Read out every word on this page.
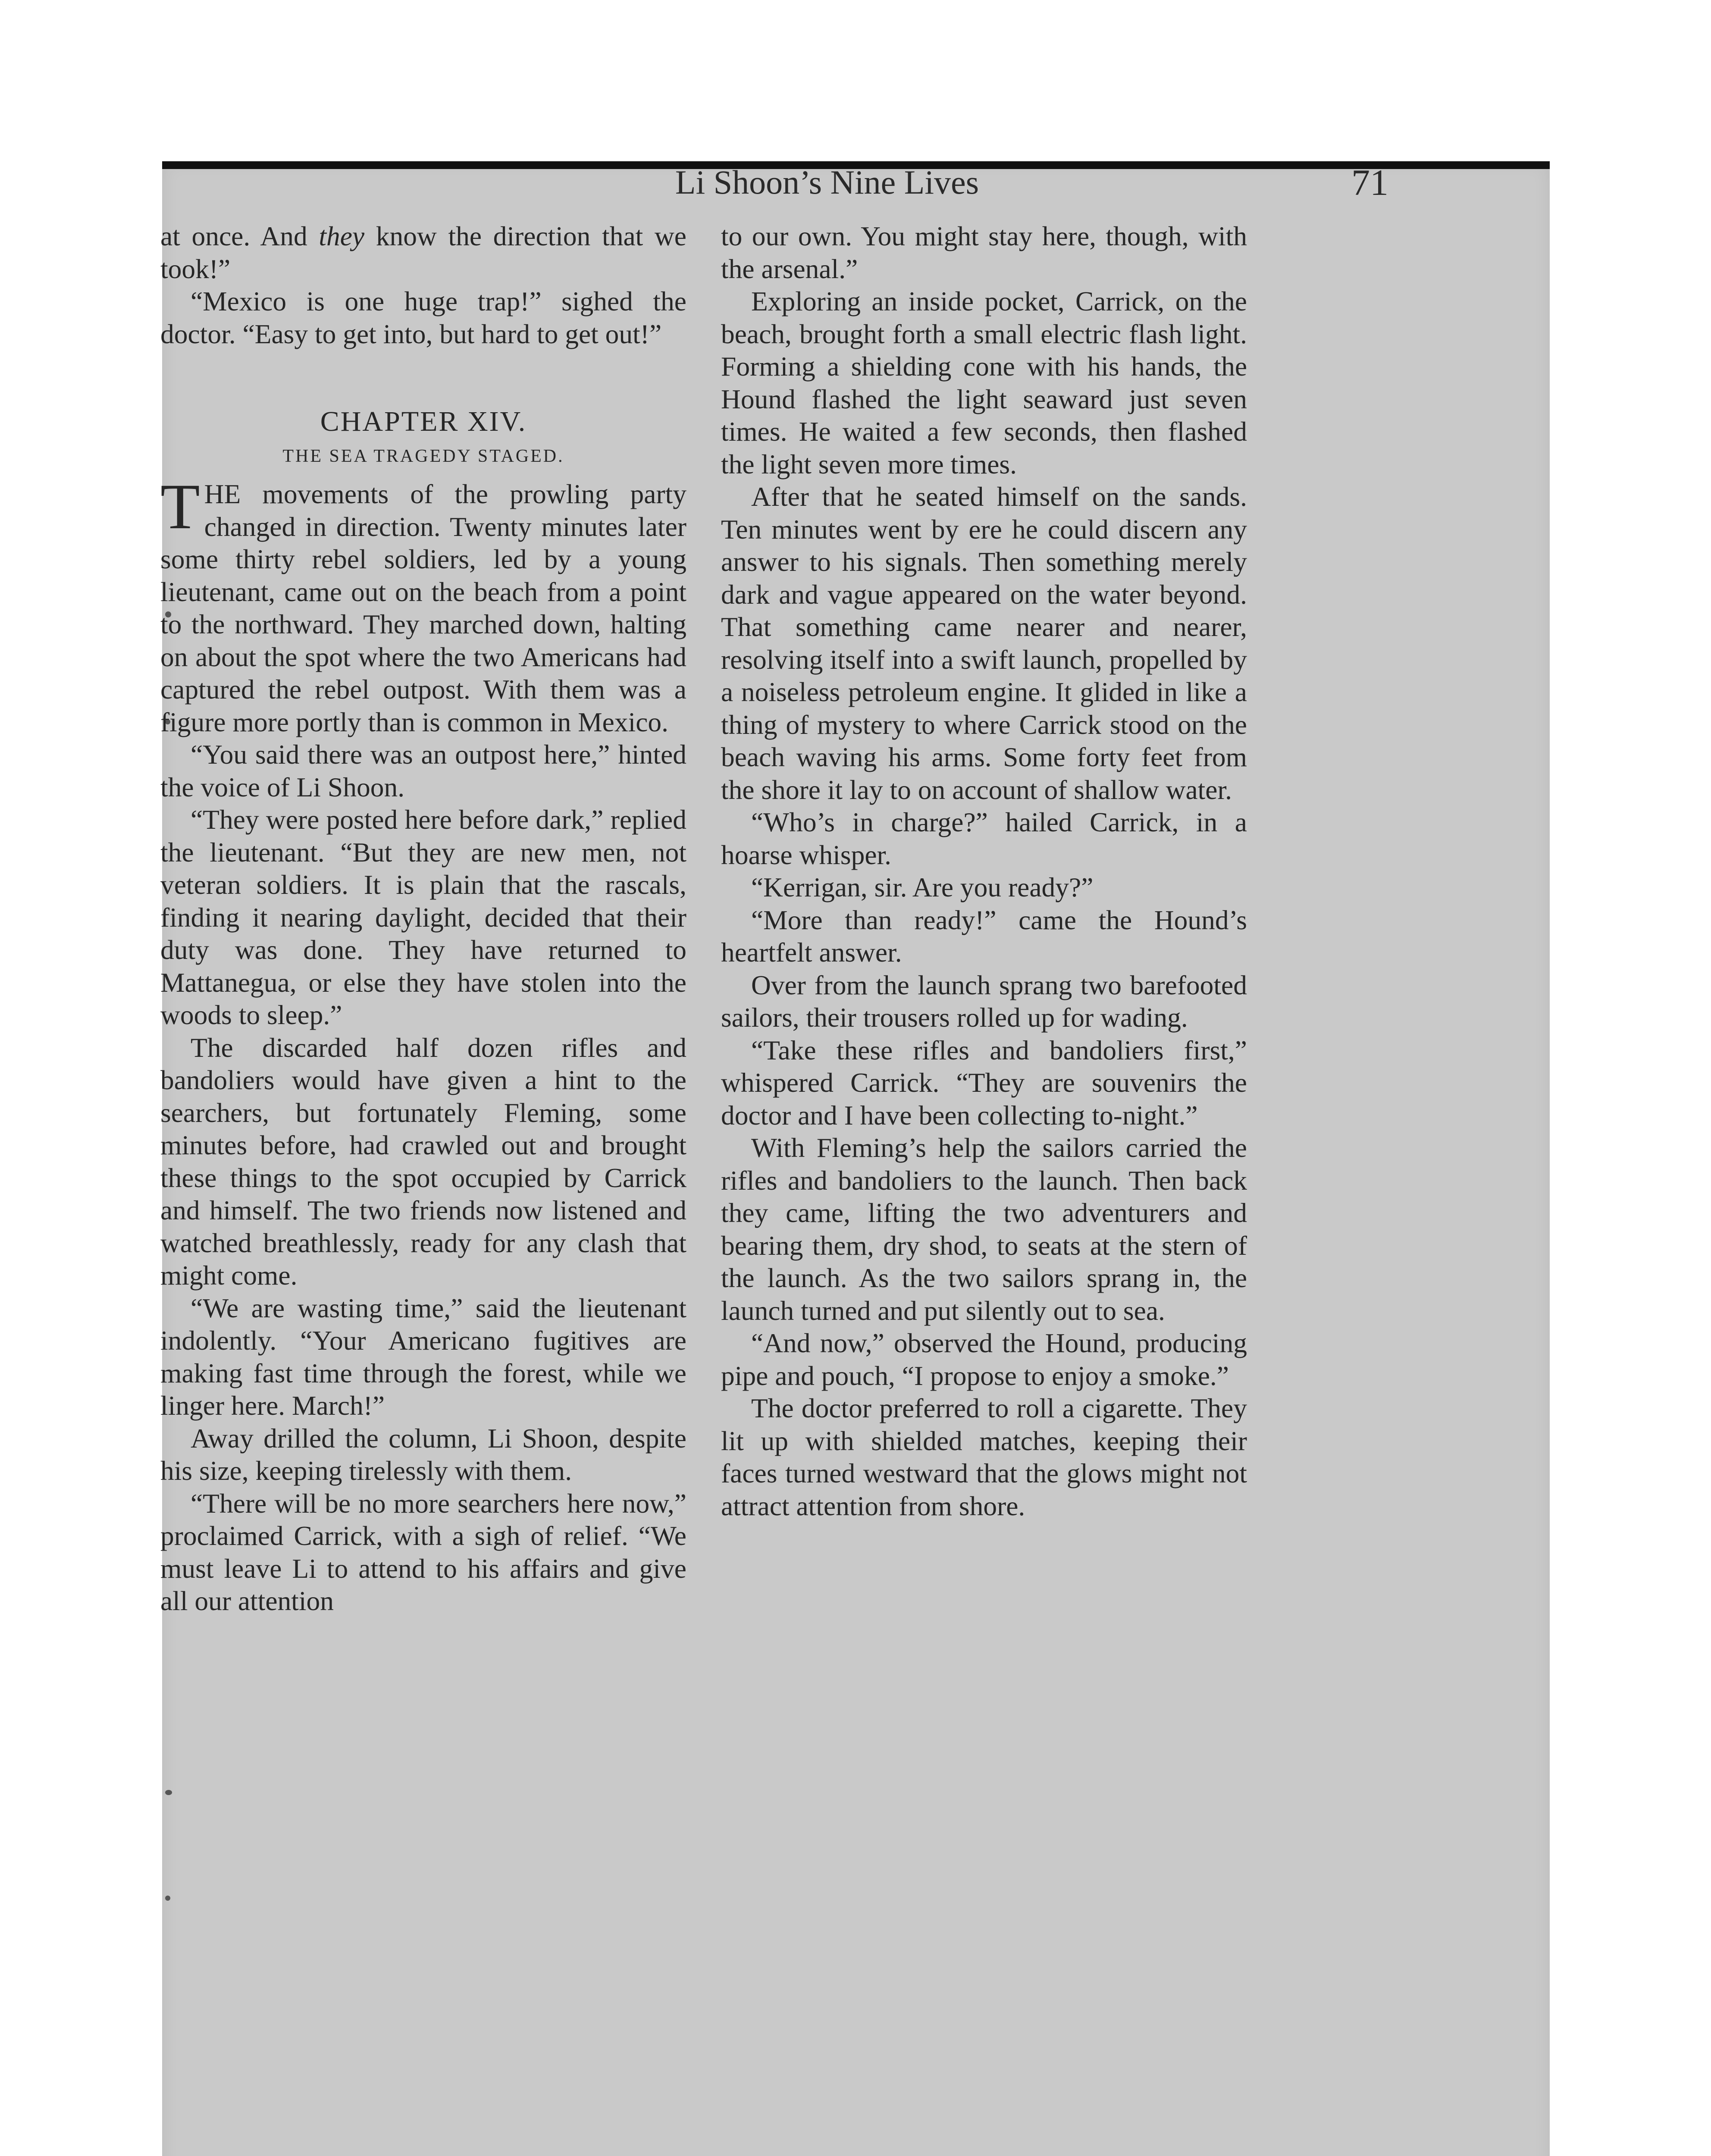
Li Shoon’s Nine Lives	71

at once. And they know the direction that we took!”

“Mexico is one huge trap!” sighed the doctor. “Easy to get into, but hard to get out!”

CHAPTER XIV.
THE SEA TRAGEDY STAGED.

THE movements of the prowling party changed in direction. Twenty minutes later some thirty rebel soldiers, led by a young lieutenant, came out on the beach from a point to the northward. They marched down, halting on about the spot where the two Americans had captured the rebel outpost. With them was a figure more portly than is common in Mexico.

“You said there was an outpost here,” hinted the voice of Li Shoon.

“They were posted here before dark,” replied the lieutenant. “But they are new men, not veteran soldiers. It is plain that the rascals, finding it nearing daylight, decided that their duty was done. They have returned to Mattanegua, or else they have stolen into the woods to sleep.”

The discarded half dozen rifles and bandoliers would have given a hint to the searchers, but fortunately Fleming, some minutes before, had crawled out and brought these things to the spot occupied by Carrick and himself. The two friends now listened and watched breathlessly, ready for any clash that might come.

“We are wasting time,” said the lieutenant indolently. “Your Americano fugitives are making fast time through the forest, while we linger here. March!”

Away drilled the column, Li Shoon, despite his size, keeping tirelessly with them.

“There will be no more searchers here now,” proclaimed Carrick, with a sigh of relief. “We must leave Li to attend to his affairs and give all our attention

to our own. You might stay here, though, with the arsenal.”

Exploring an inside pocket, Carrick, on the beach, brought forth a small electric flash light. Forming a shielding cone with his hands, the Hound flashed the light seaward just seven times. He waited a few seconds, then flashed the light seven more times.

After that he seated himself on the sands. Ten minutes went by ere he could discern any answer to his signals. Then something merely dark and vague appeared on the water beyond. That something came nearer and nearer, resolving itself into a swift launch, propelled by a noiseless petroleum engine. It glided in like a thing of mystery to where Carrick stood on the beach waving his arms. Some forty feet from the shore it lay to on account of shallow water.

“Who’s in charge?” hailed Carrick, in a hoarse whisper.

“Kerrigan, sir. Are you ready?”

“More than ready!” came the Hound’s heartfelt answer.

Over from the launch sprang two barefooted sailors, their trousers rolled up for wading.

“Take these rifles and bandoliers first,” whispered Carrick. “They are souvenirs the doctor and I have been collecting to-night.”

With Fleming’s help the sailors carried the rifles and bandoliers to the launch. Then back they came, lifting the two adventurers and bearing them, dry shod, to seats at the stern of the launch. As the two sailors sprang in, the launch turned and put silently out to sea.

“And now,” observed the Hound, producing pipe and pouch, “I propose to enjoy a smoke.”

The doctor preferred to roll a cigarette. They lit up with shielded matches, keeping their faces turned westward that the glows might not attract attention from shore.
